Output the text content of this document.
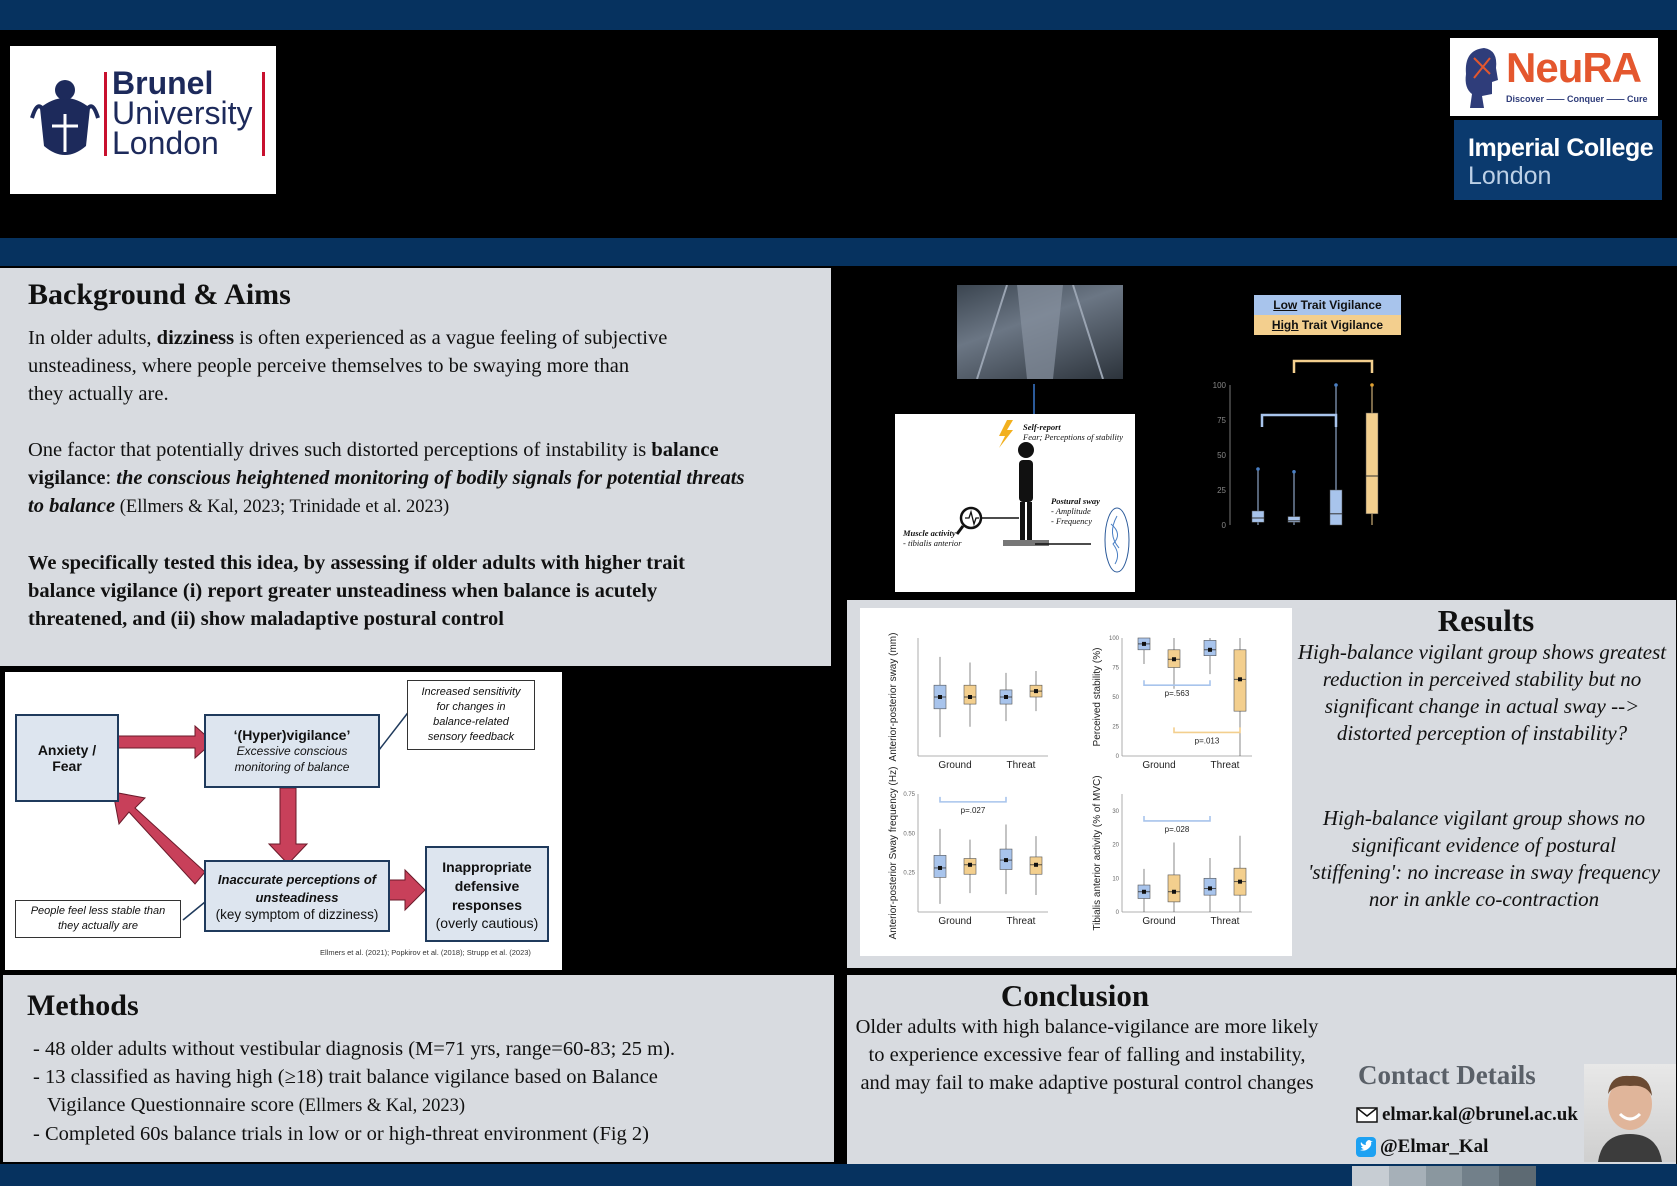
Brunel
University
London
NeuRA
Discover —— Conquer —— Cure
Imperial College
London
Background & Aims

In older adults, dizziness is often experienced as a vague feeling of subjective unsteadiness, where people perceive themselves to be swaying more than they actually are.

One factor that potentially drives such distorted perceptions of instability is balance vigilance: the conscious heightened monitoring of bodily signals for potential threats to balance (Ellmers & Kal, 2023; Trinidade et al. 2023)

We specifically tested this idea, by assessing if older adults with higher trait balance vigilance (i) report greater unsteadiness when balance is acutely threatened, and (ii) show maladaptive postural control

Anxiety / Fear
‘(Hyper)vigilance’
Excessive conscious monitoring of balance
Increased sensitivity for changes in balance-related sensory feedback
Inaccurate perceptions of unsteadiness
(key symptom of dizziness)
Inappropriate defensive responses
(overly cautious)
People feel less stable than they actually are
Ellmers et al. (2021); Popkirov et al. (2018); Strupp et al. (2023)
Methods
- 48 older adults without vestibular diagnosis (M=71 yrs, range=60-83; 25 m).
- 13 classified as having high (≥18) trait balance vigilance based on Balance
Vigilance Questionnaire score (Ellmers & Kal, 2023)
- Completed 60s balance trials in low or or high-threat environment (Fig 2)
Self-report
Fear; Perceptions of stability
Postural sway
- Amplitude
- Frequency
Muscle activity
- tibialis anterior
Low Trait Vigilance
High Trait Vigilance
0
25
50
75
100
Anterior-posterior sway (mm)
Ground	Threat
0
25
50
75
100
Perceived stability (%)
Ground	Threat
p=.563
p=.013
0.25
0.50
0.75
Anterior-posterior Sway frequency (Hz)	Ground	Threat
p=.027
0
10
20
30
Tibialis anterior activity (% of MVC)	Ground	Threat
p=.028
Results
High-balance vigilant group shows greatest reduction in perceived stability but no significant change in actual sway --> distorted perception of instability?
High-balance vigilant group shows no significant evidence of postural 'stiffening': no increase in sway frequency nor in ankle co-contraction
Conclusion
Older adults with high balance-vigilance are more likely to experience excessive fear of falling and instability, and may fail to make adaptive postural control changes Contact Details
elmar.kal@brunel.ac.uk
@Elmar_Kal
